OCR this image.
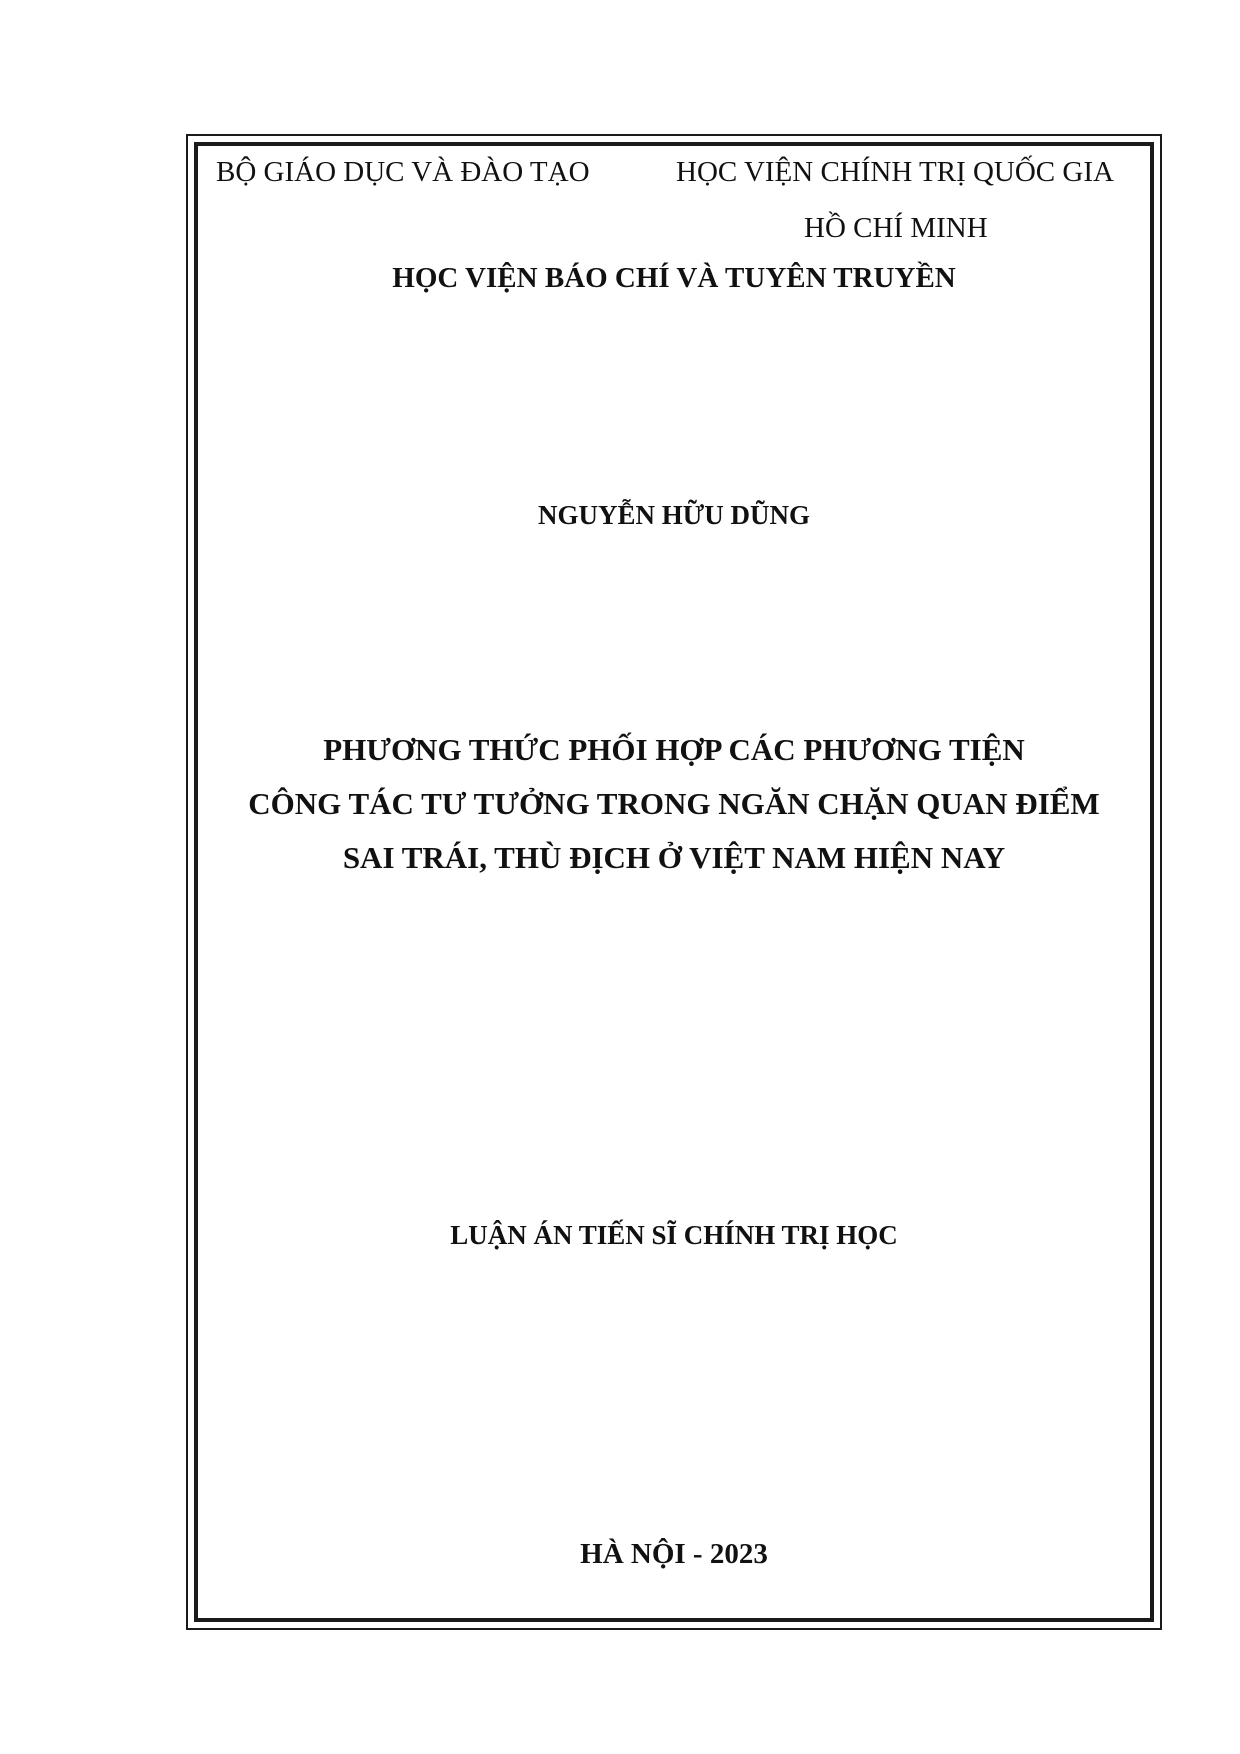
BỘ GIÁO DỤC VÀ ĐÀO TẠO	HỌC VIỆN CHÍNH TRỊ QUỐC GIA
HỒ CHÍ MINH
HỌC VIỆN BÁO CHÍ VÀ TUYÊN TRUYỀN
NGUYỄN HỮU DŨNG
PHƯƠNG THỨC PHỐI HỢP CÁC PHƯƠNG TIỆN
CÔNG TÁC TƯ TƯỞNG TRONG NGĂN CHẶN QUAN ĐIỂM
SAI TRÁI, THÙ ĐỊCH Ở VIỆT NAM HIỆN NAY
LUẬN ÁN TIẾN SĨ CHÍNH TRỊ HỌC
HÀ NỘI - 2023
